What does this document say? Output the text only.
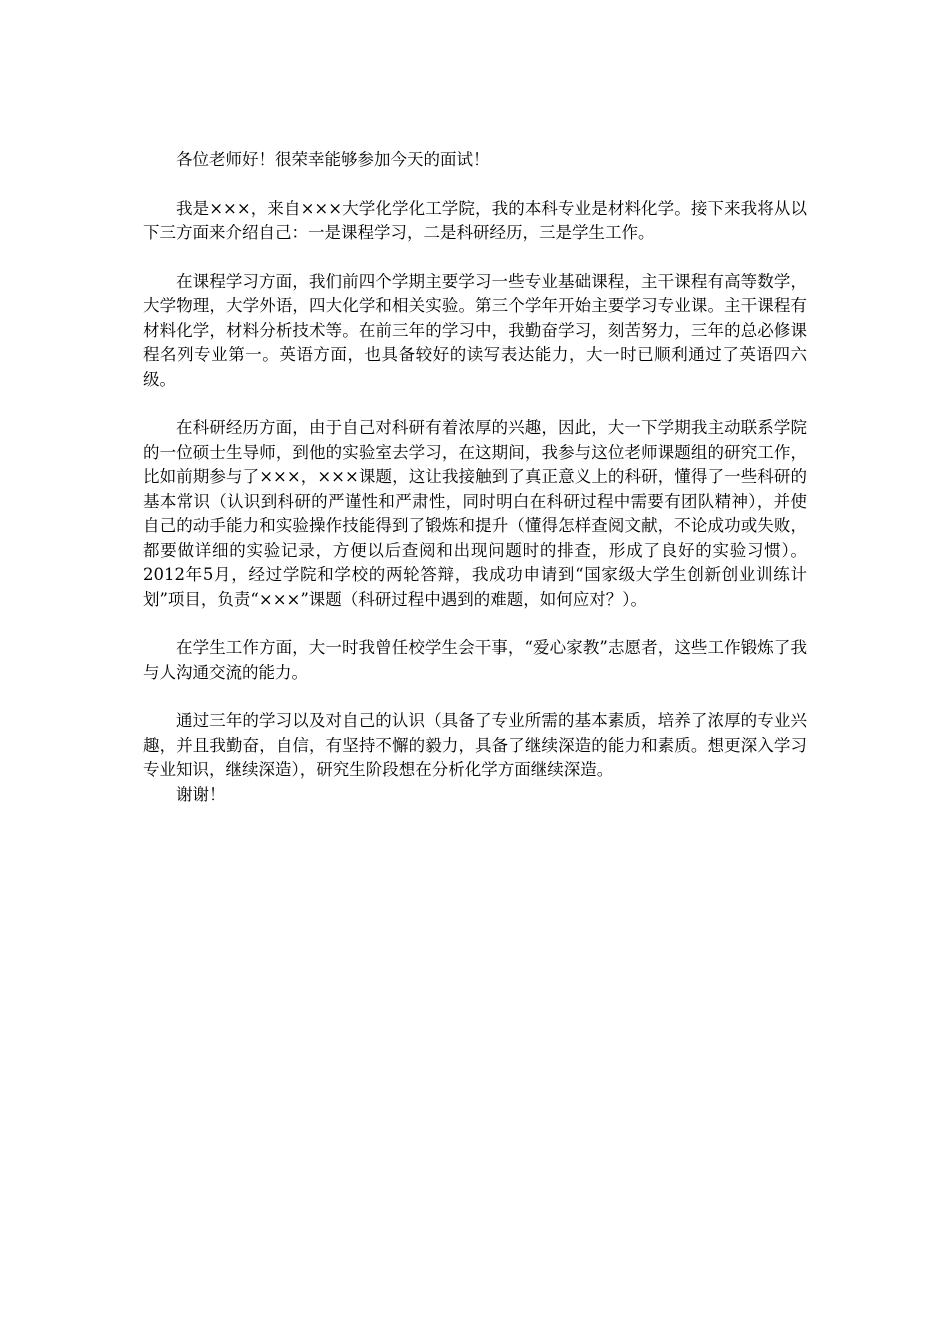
各位老师好！很荣幸能够参加今天的面试！

我是×××，来自×××大学化学化工学院，我的本科专业是材料化学。接下来我将从以下三方面来介绍自己：一是课程学习，二是科研经历，三是学生工作。

在课程学习方面，我们前四个学期主要学习一些专业基础课程，主干课程有高等数学，大学物理，大学外语，四大化学和相关实验。第三个学年开始主要学习专业课。主干课程有材料化学，材料分析技术等。在前三年的学习中，我勤奋学习，刻苦努力，三年的总必修课程名列专业第一。英语方面，也具备较好的读写表达能力，大一时已顺利通过了英语四六级。

在科研经历方面，由于自己对科研有着浓厚的兴趣，因此，大一下学期我主动联系学院的一位硕士生导师，到他的实验室去学习，在这期间，我参与这位老师课题组的研究工作，比如前期参与了×××，×××课题，这让我接触到了真正意义上的科研，懂得了一些科研的基本常识（认识到科研的严谨性和严肃性，同时明白在科研过程中需要有团队精神），并使自己的动手能力和实验操作技能得到了锻炼和提升（懂得怎样查阅文献，不论成功或失败，都要做详细的实验记录，方便以后查阅和出现问题时的排查，形成了良好的实验习惯）。2012年5月，经过学院和学校的两轮答辩，我成功申请到“国家级大学生创新创业训练计划”项目，负责“×××”课题（科研过程中遇到的难题，如何应对？）。

在学生工作方面，大一时我曾任校学生会干事，“爱心家教”志愿者，这些工作锻炼了我与人沟通交流的能力。

通过三年的学习以及对自己的认识（具备了专业所需的基本素质，培养了浓厚的专业兴趣，并且我勤奋，自信，有坚持不懈的毅力，具备了继续深造的能力和素质。想更深入学习专业知识，继续深造），研究生阶段想在分析化学方面继续深造。

谢谢！
